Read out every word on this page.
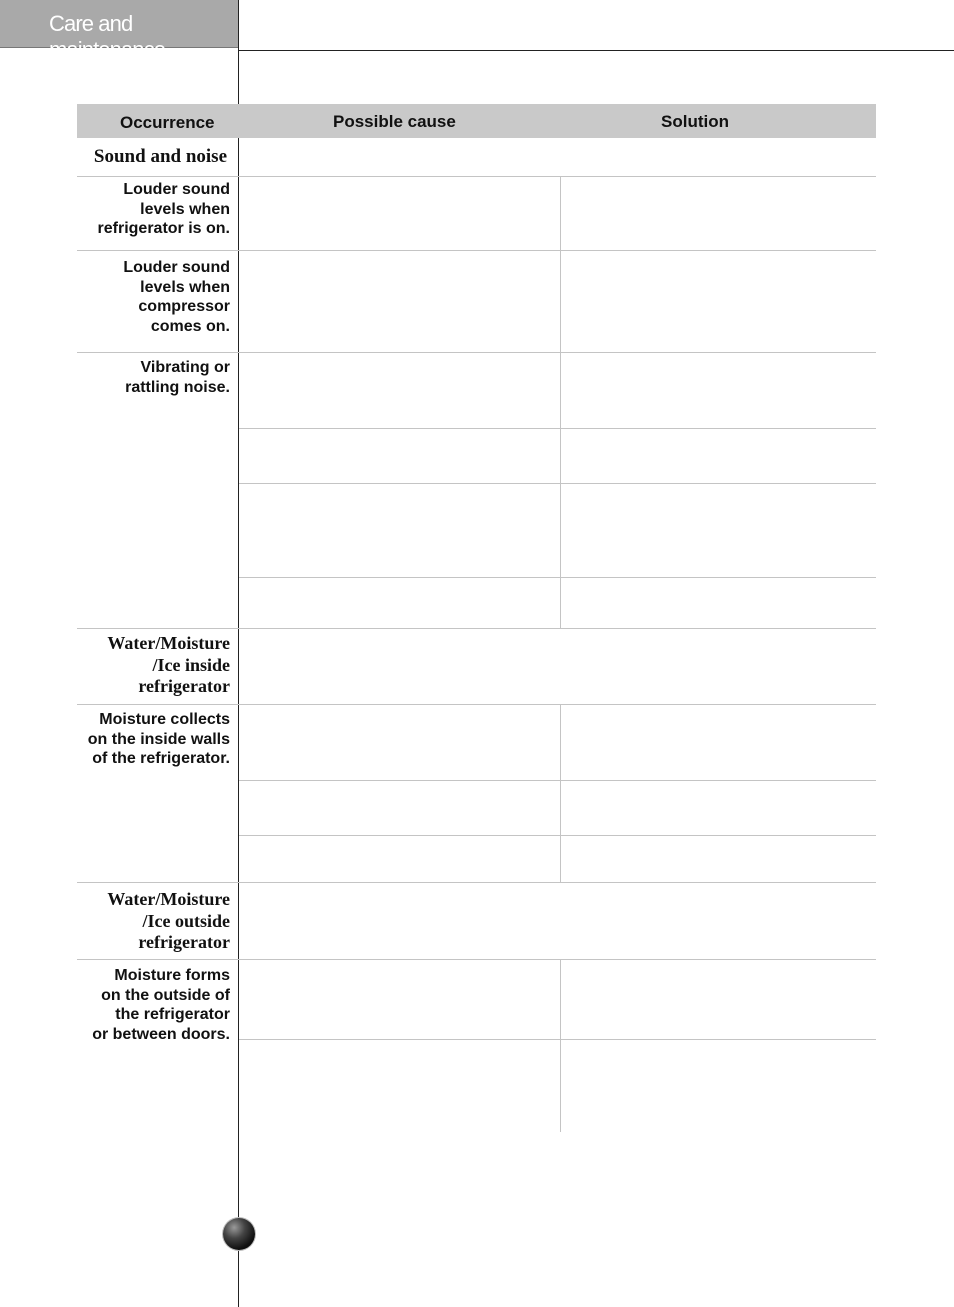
Care and maintenance
Occurrence	Possible cause	Solution
Sound and noise
Louder sound
levels when
refrigerator is on.
Louder sound
levels when
compressor
comes on.
Vibrating or
rattling noise.
Water/Moisture
/Ice inside
refrigerator
Moisture collects
on the inside walls
of the refrigerator.
Water/Moisture
/Ice outside
refrigerator
Moisture forms
on the outside of
the refrigerator
or between doors.
